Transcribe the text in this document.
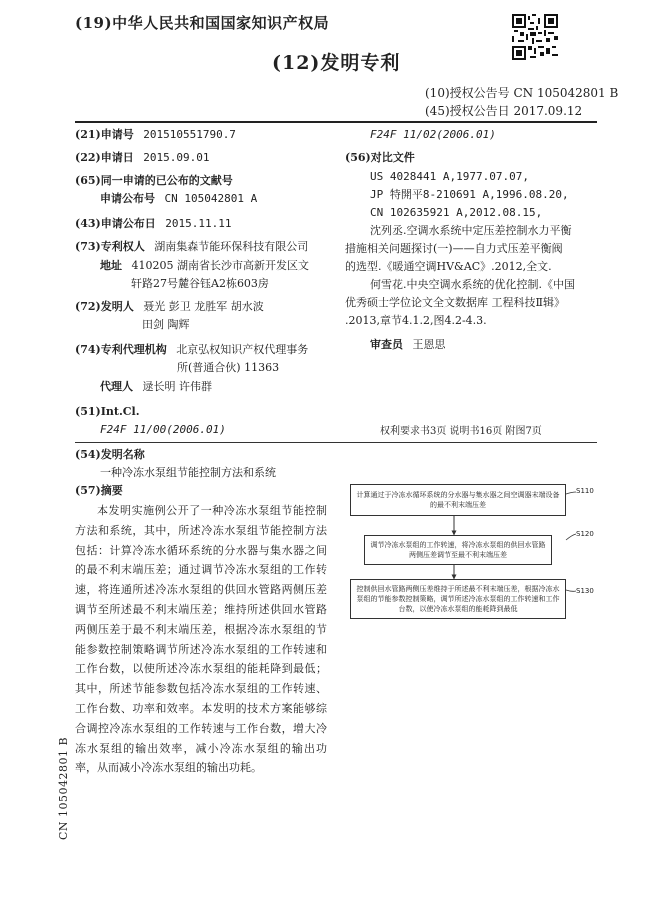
(19)中华人民共和国国家知识产权局
(12)发明专利
(10)授权公告号 CN 105042801 B
(45)授权公告日 2017.09.12
(21)申请号 201510551790.7
(22)申请日 2015.09.01
(65)同一申请的已公布的文献号
申请公布号 CN 105042801 A
(43)申请公布日 2015.11.11
(73)专利权人 湖南集森节能环保科技有限公司
地址 410205 湖南省长沙市高新开发区文
轩路27号麓谷钰A2栋603房
(72)发明人 聂光 彭卫 龙胜军 胡水波
田剑 陶辉
(74)专利代理机构 北京弘权知识产权代理事务
所(普通合伙) 11363
代理人 逯长明 许伟群
(51)Int.Cl.
F24F 11/00(2006.01)
F24F 11/02(2006.01)
(56)对比文件
US 4028441 A,1977.07.07,
JP 特開平8-210691 A,1996.08.20,
CN 102635921 A,2012.08.15,
沈列丞.空调水系统中定压差控制水力平衡
措施相关问题探讨(一)——自力式压差平衡阀
的选型.《暖通空调HV&AC》.2012,全文.
何雪花.中央空调水系统的优化控制.《中国
优秀硕士学位论文全文数据库 工程科技Ⅱ辑》
.2013,章节4.1.2,图4.2-4.3.
审查员 王恩思
权利要求书3页 说明书16页 附图7页
(54)发明名称
一种冷冻水泵组节能控制方法和系统
(57)摘要
本发明实施例公开了一种冷冻水泵组节能控制方法和系统，其中，所述冷冻水泵组节能控制方法包括：计算冷冻水循环系统的分水器与集水器之间的最不利末端压差；通过调节冷冻水泵组的工作转速，将连通所述冷冻水泵组的供回水管路两侧压差调节至所述最不利末端压差；维持所述供回水管路两侧压差于最不利末端压差，根据冷冻水泵组的节能参数控制策略调节所述冷冻水泵组的工作转速和工作台数，以使所述冷冻水泵组的能耗降到最低；其中，所述节能参数包括冷冻水泵组的工作转速、工作台数、功率和效率。本发明的技术方案能够综合调控冷冻水泵组的工作转速与工作台数，增大冷冻水泵组的输出效率，减小冷冻水泵组的输出功率，从而减小冷冻水泵组的输出功耗。
计算通过于冷冻水循环系统的分水器与集水器之间空调器末端设备的最不利末端压差
S110
调节冷冻水泵组的工作转速，将冷冻水泵组的供回水管路两侧压差调节至最不利末端压差
S120
控制供回水管路两侧压差维持于所述最不利末端压差，根据冷冻水泵组的节能参数控制策略，调节所述冷冻水泵组的工作转速和工作台数，以使冷冻水泵组的能耗降到最低
S130
CN 105042801 B
